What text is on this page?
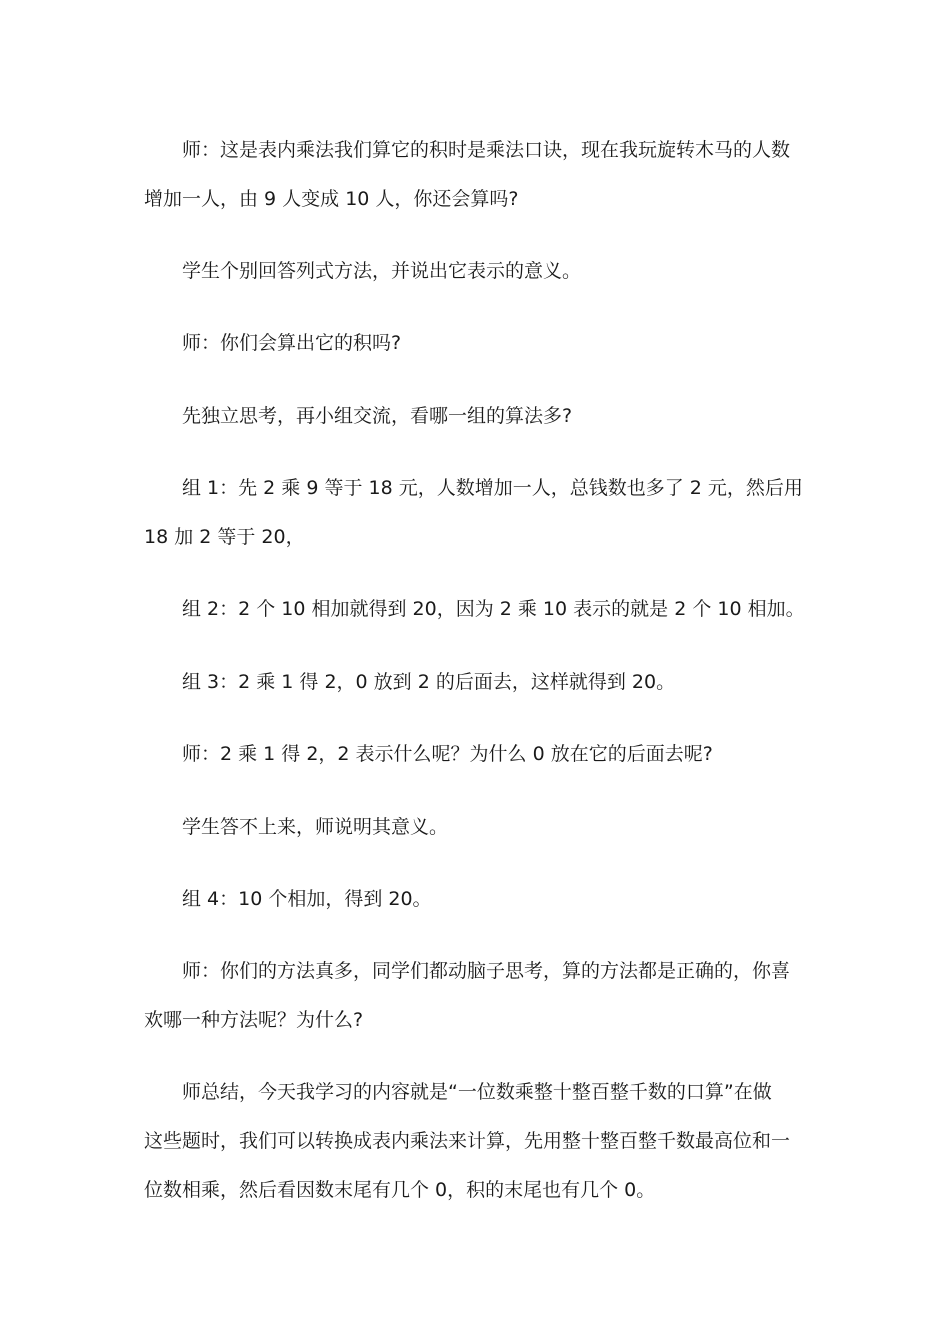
师：这是表内乘法我们算它的积时是乘法口诀，现在我玩旋转木马的人数
增加一人，由 9 人变成 10 人，你还会算吗?
学生个别回答列式方法，并说出它表示的意义。
师：你们会算出它的积吗?
先独立思考，再小组交流，看哪一组的算法多?
组 1：先 2 乘 9 等于 18 元，人数增加一人，总钱数也多了 2 元，然后用
18 加 2 等于 20，
组 2：2 个 10 相加就得到 20，因为 2 乘 10 表示的就是 2 个 10 相加。
组 3：2 乘 1 得 2，0 放到 2 的后面去，这样就得到 20。
师：2 乘 1 得 2，2 表示什么呢？为什么 0 放在它的后面去呢?
学生答不上来，师说明其意义。
组 4：10 个相加，得到 20。
师：你们的方法真多，同学们都动脑子思考，算的方法都是正确的，你喜
欢哪一种方法呢？为什么?
师总结，今天我学习的内容就是“一位数乘整十整百整千数的口算”在做
这些题时，我们可以转换成表内乘法来计算，先用整十整百整千数最高位和一
位数相乘，然后看因数末尾有几个 0，积的末尾也有几个 0。
